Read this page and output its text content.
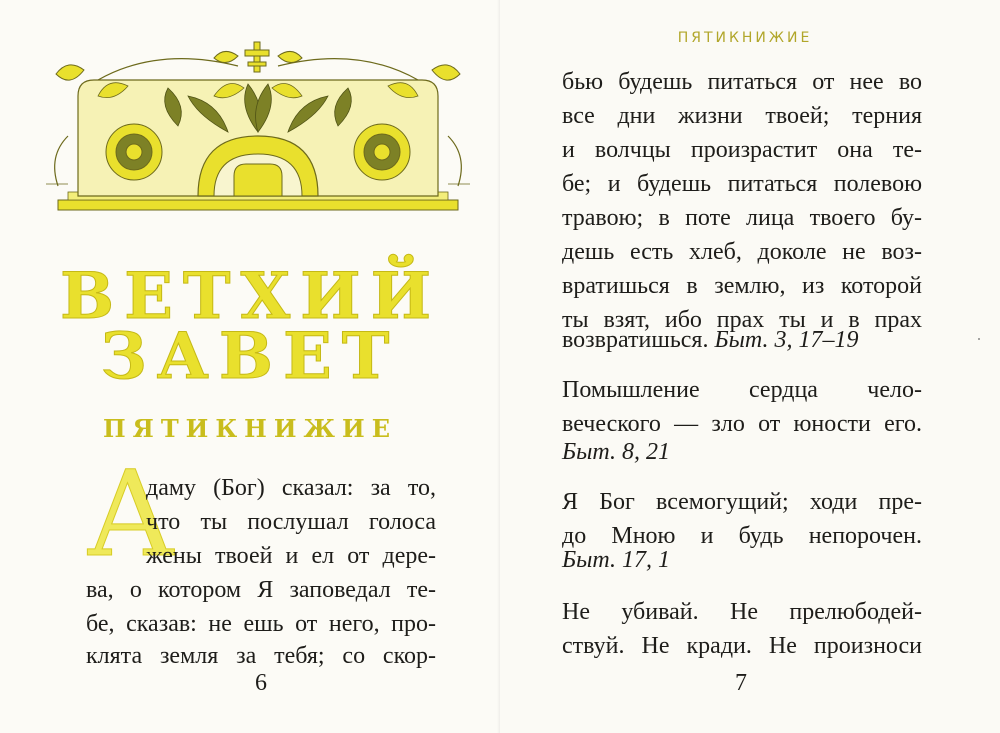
ВЕТХИЙ
ЗАВЕТ
ПЯТИКНИЖИЕ
А
даму (Бог) сказал: за то,
что ты послушал голоса
жены твоей и ел от дере-
ва, о котором Я заповедал те-
бе, сказав: не ешь от него, про-
6
ПЯТИКНИЖИЕ
бью будешь питаться от нее во
все дни жизни твоей; терния
и волчцы произрастит она те-
бе; и будешь питаться полевою
травою; в поте лица твоего бу-
дешь есть хлеб, доколе не воз-
вратишься в землю, из которой
ты взят, ибо прах ты и в прах
возвратишься. Быт. 3, 17–19
Помышление сердца чело-
веческого — зло от юности его.
Быт. 8, 21
Я Бог всемогущий; ходи пре-
до Мною и будь непорочен.
Быт. 17, 1
Не убивай. Не прелюбодей-
ствуй. Не кради. Не произноси
7
клята земля за тебя; со скор-
